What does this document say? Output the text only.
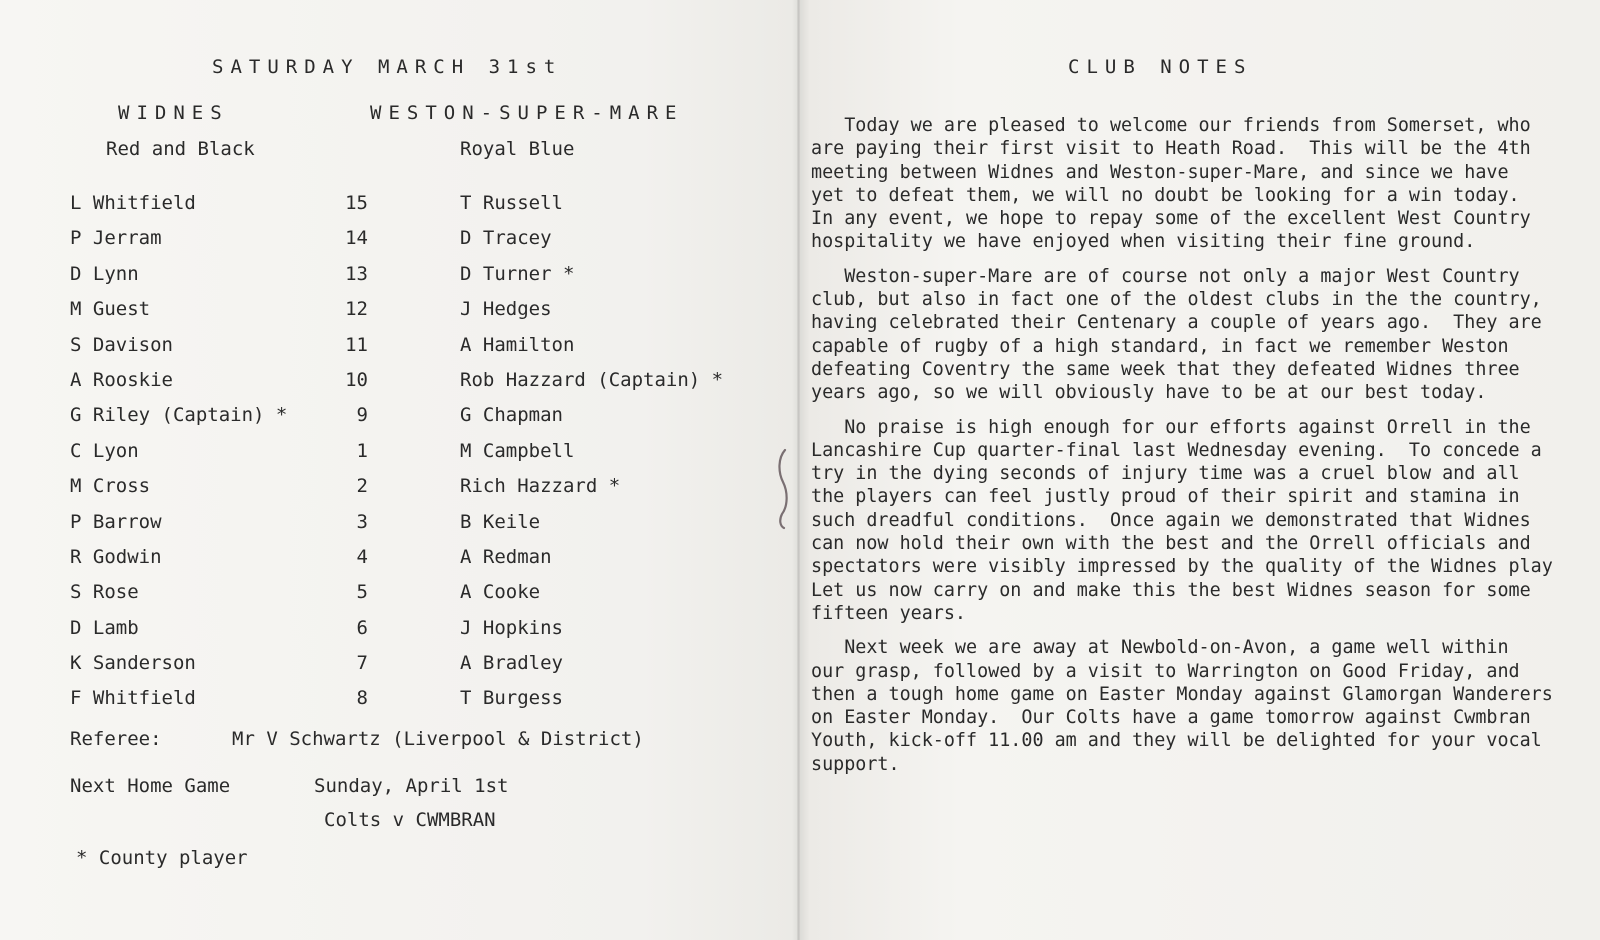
SATURDAY MARCH 31st
WIDNES	WESTON-SUPER-MARE
Red and Black	Royal Blue
L Whitfield	15	T Russell
P Jerram	14	D Tracey
D Lynn	13	D Turner *
M Guest	12	J Hedges
S Davison	11	A Hamilton
A Rooskie	10	Rob Hazzard (Captain) *
G Riley (Captain) *	9	G Chapman
C Lyon	1	M Campbell
M Cross	2	Rich Hazzard *
P Barrow	3	B Keile
R Godwin	4	A Redman
S Rose	5	A Cooke
D Lamb	6	J Hopkins
K Sanderson	7	A Bradley
F Whitfield	8	T Burgess
Referee:	Mr V Schwartz (Liverpool & District)
Next Home Game	Sunday, April 1st
Colts v CWMBRAN
* County player
CLUB NOTES
Today we are pleased to welcome our friends from Somerset, who
are paying their first visit to Heath Road.  This will be the 4th
meeting between Widnes and Weston-super-Mare, and since we have
yet to defeat them, we will no doubt be looking for a win today.
In any event, we hope to repay some of the excellent West Country
hospitality we have enjoyed when visiting their fine ground.
Weston-super-Mare are of course not only a major West Country
club, but also in fact one of the oldest clubs in the the country,
having celebrated their Centenary a couple of years ago.  They are
capable of rugby of a high standard, in fact we remember Weston
defeating Coventry the same week that they defeated Widnes three
years ago, so we will obviously have to be at our best today.
No praise is high enough for our efforts against Orrell in the
Lancashire Cup quarter-final last Wednesday evening.  To concede a
try in the dying seconds of injury time was a cruel blow and all
the players can feel justly proud of their spirit and stamina in
such dreadful conditions.  Once again we demonstrated that Widnes
can now hold their own with the best and the Orrell officials and
spectators were visibly impressed by the quality of the Widnes play
Let us now carry on and make this the best Widnes season for some
fifteen years.
Next week we are away at Newbold-on-Avon, a game well within
our grasp, followed by a visit to Warrington on Good Friday, and
then a tough home game on Easter Monday against Glamorgan Wanderers
on Easter Monday.  Our Colts have a game tomorrow against Cwmbran
Youth, kick-off 11.00 am and they will be delighted for your vocal
support.
